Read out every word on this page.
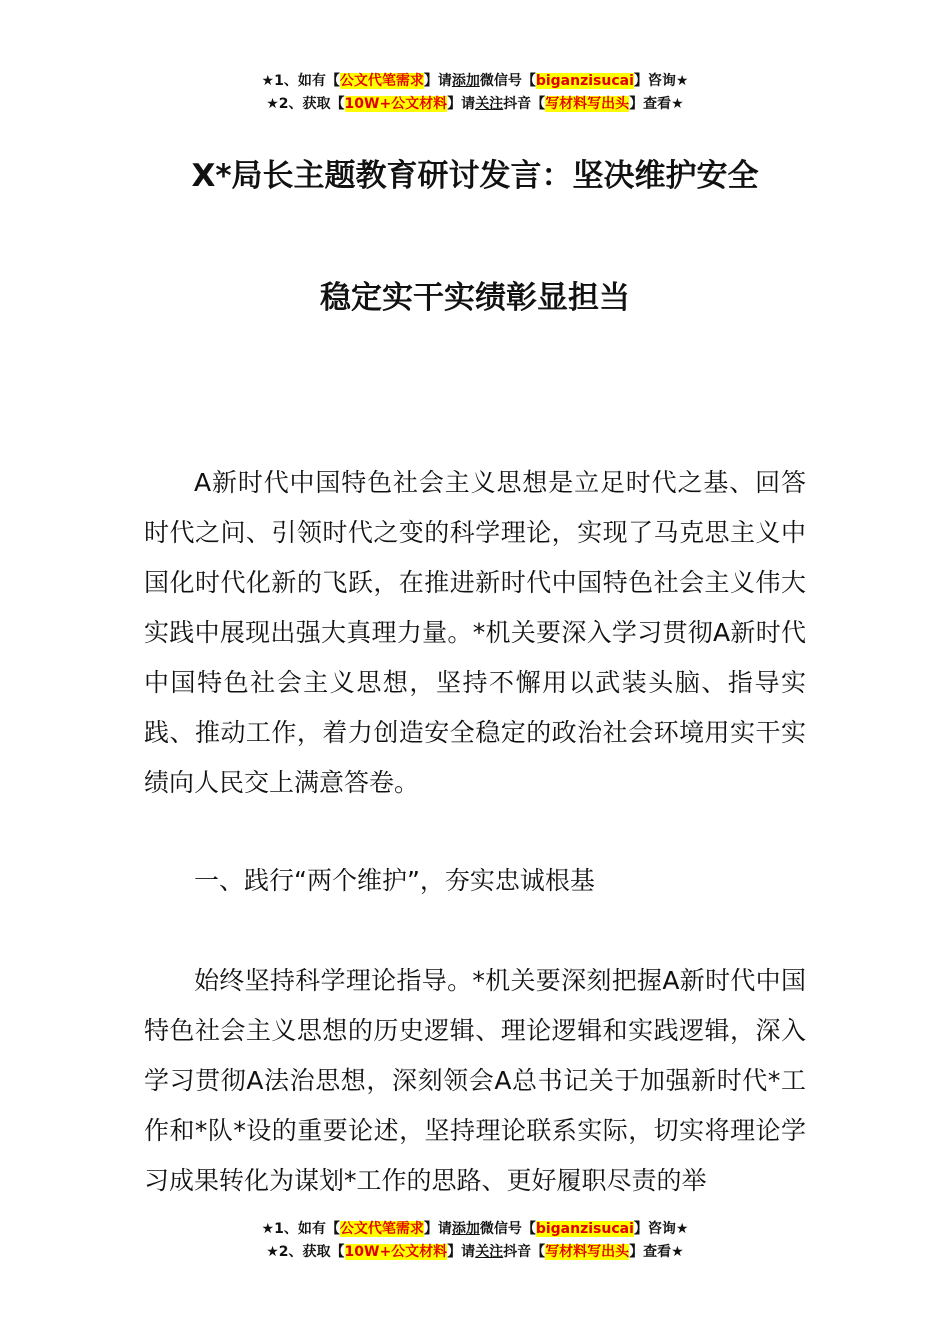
★1、如有【公文代笔需求】请添加微信号【biganzisucai】咨询★
★2、获取【10W+公文材料】请关注抖音【写材料写出头】查看★
X*局长主题教育研讨发言：坚决维护安全
稳定实干实绩彰显担当

A新时代中国特色社会主义思想是立足时代之基、回答时代之问、引领时代之变的科学理论，实现了马克思主义中国化时代化新的飞跃，在推进新时代中国特色社会主义伟大实践中展现出强大真理力量。*机关要深入学习贯彻A新时代中国特色社会主义思想，坚持不懈用以武装头脑、指导实践、推动工作，着力创造安全稳定的政治社会环境用实干实绩向人民交上满意答卷。

一、践行“两个维护”，夯实忠诚根基

始终坚持科学理论指导。*机关要深刻把握A新时代中国特色社会主义思想的历史逻辑、理论逻辑和实践逻辑，深入学习贯彻A法治思想，深刻领会A总书记关于加强新时代*工作和*队*设的重要论述，坚持理论联系实际，切实将理论学习成果转化为谋划*工作的思路、更好履职尽责的举

★1、如有【公文代笔需求】请添加微信号【biganzisucai】咨询★
★2、获取【10W+公文材料】请关注抖音【写材料写出头】查看★
